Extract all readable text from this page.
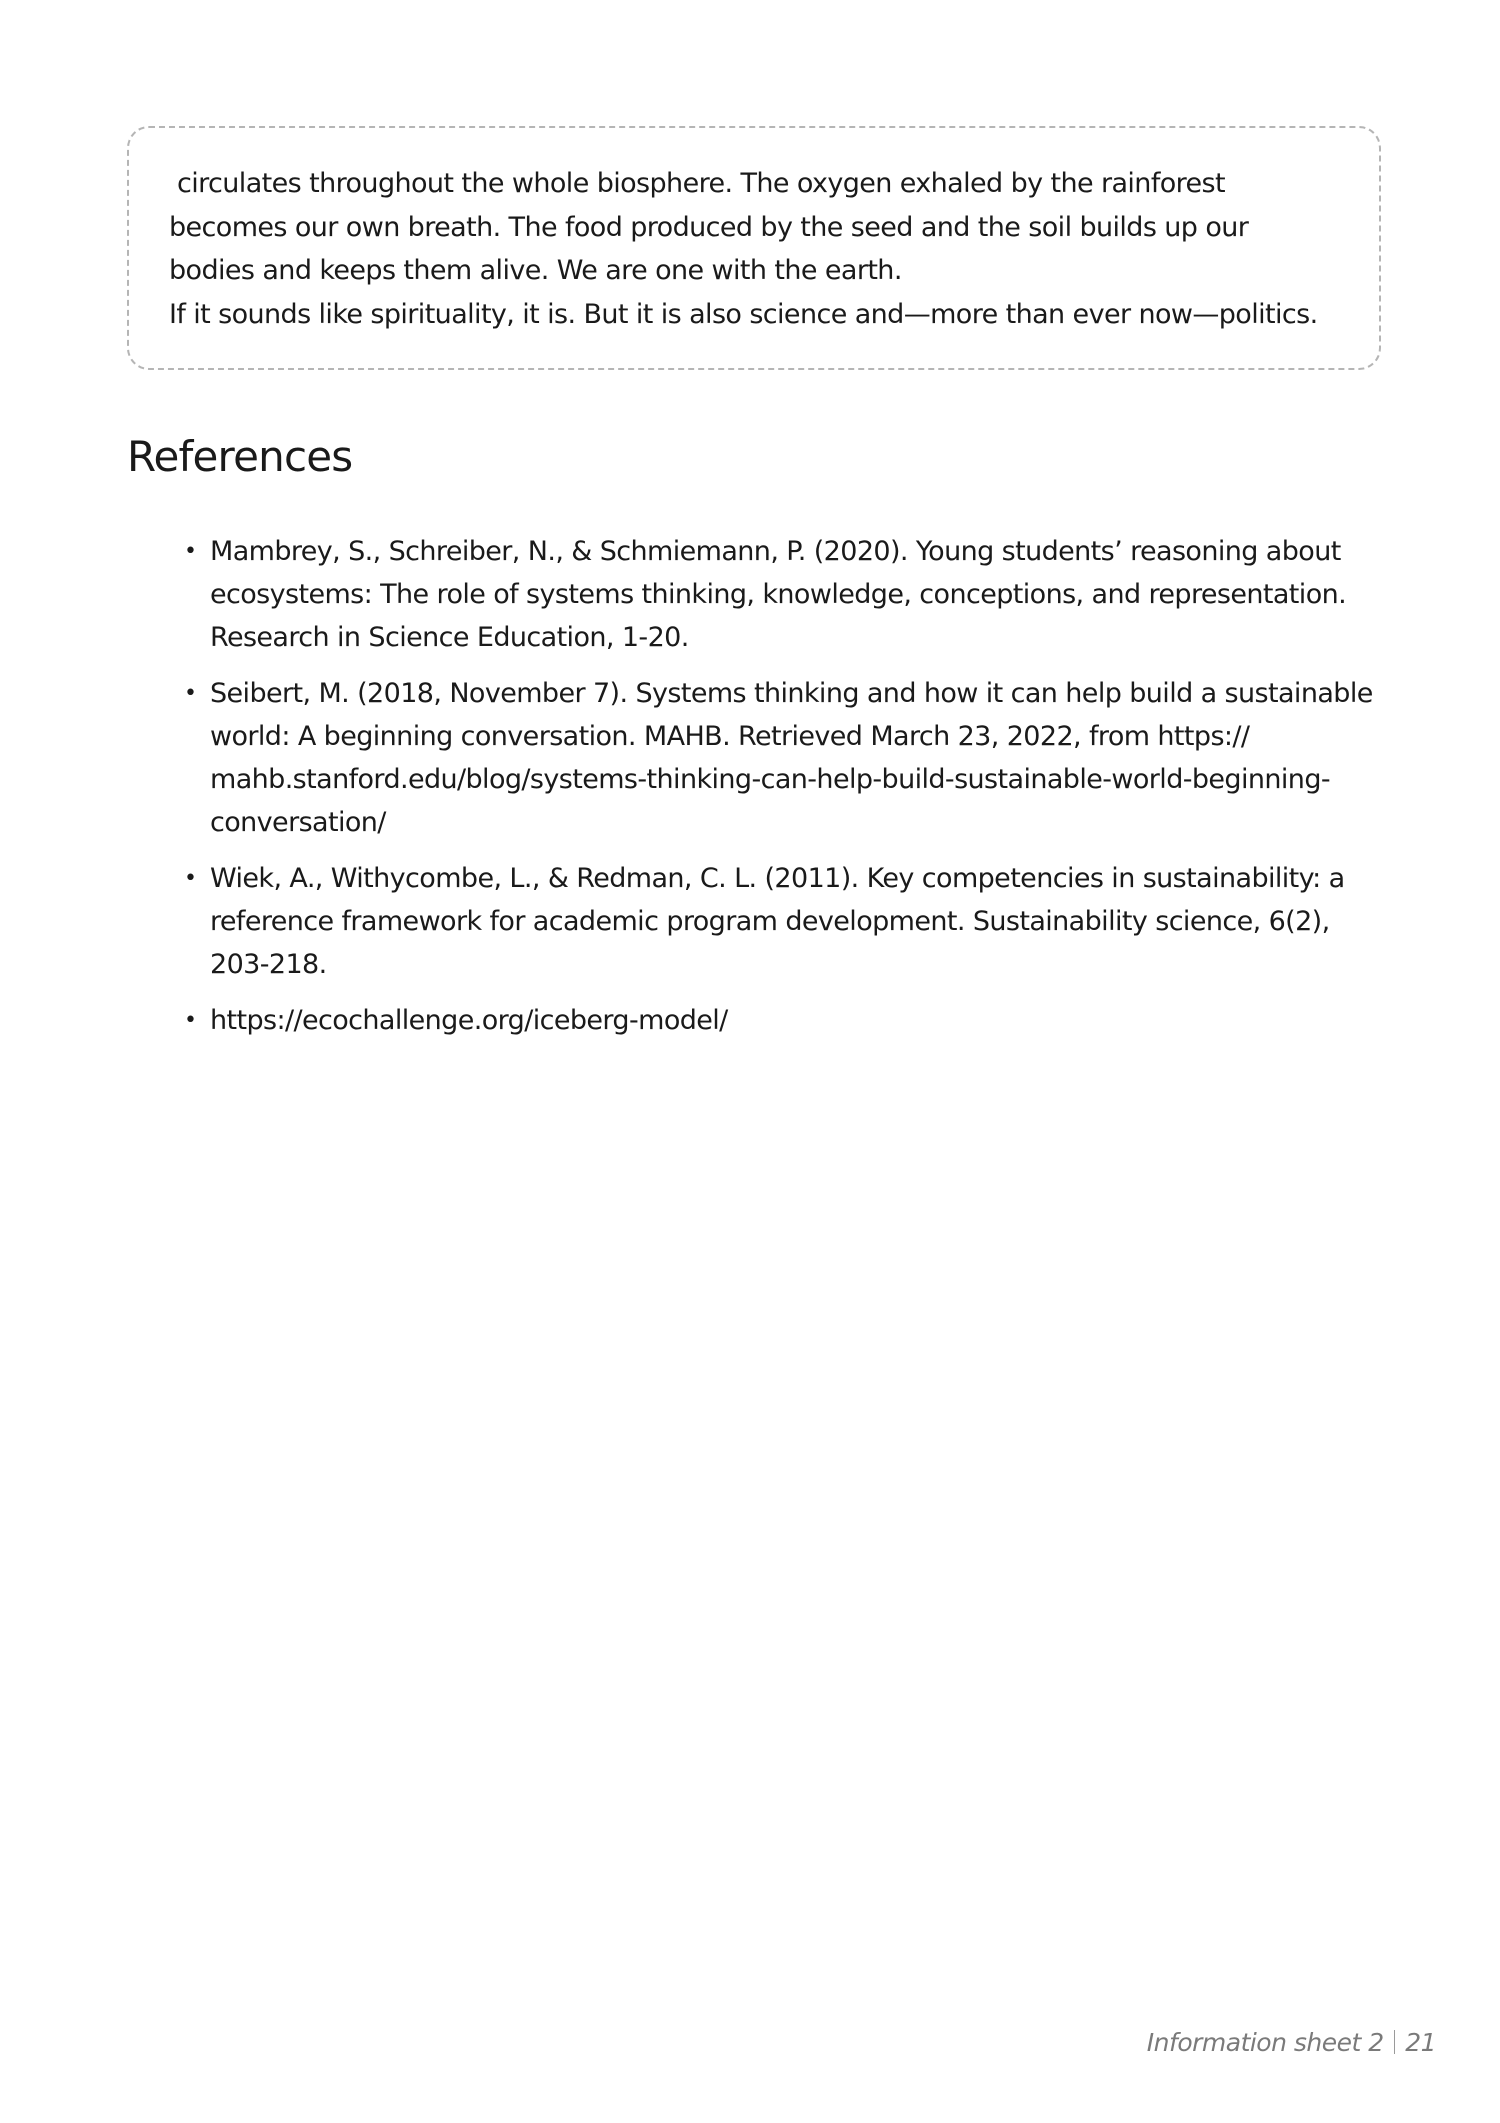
circulates throughout the whole biosphere. The oxygen exhaled by the rainforest

becomes our own breath. The food produced by the seed and the soil builds up our

bodies and keeps them alive. We are one with the earth.

If it sounds like spirituality, it is. But it is also science and—more than ever now—politics.

References
• Mambrey, S., Schreiber, N., & Schmiemann, P. (2020). Young students’ reasoning about
ecosystems: The role of systems thinking, knowledge, conceptions, and representation.
Research in Science Education, 1-20.
• Seibert, M. (2018, November 7). Systems thinking and how it can help build a sustainable
world: A beginning conversation. MAHB. Retrieved March 23, 2022, from https://
mahb.stanford.edu/blog/systems-thinking-can-help-build-sustainable-world-beginning-
conversation/
• Wiek, A., Withycombe, L., & Redman, C. L. (2011). Key competencies in sustainability: a
reference framework for academic program development. Sustainability science, 6(2),
203-218.
• https://ecochallenge.org/iceberg-model/
Information sheet 2 21
